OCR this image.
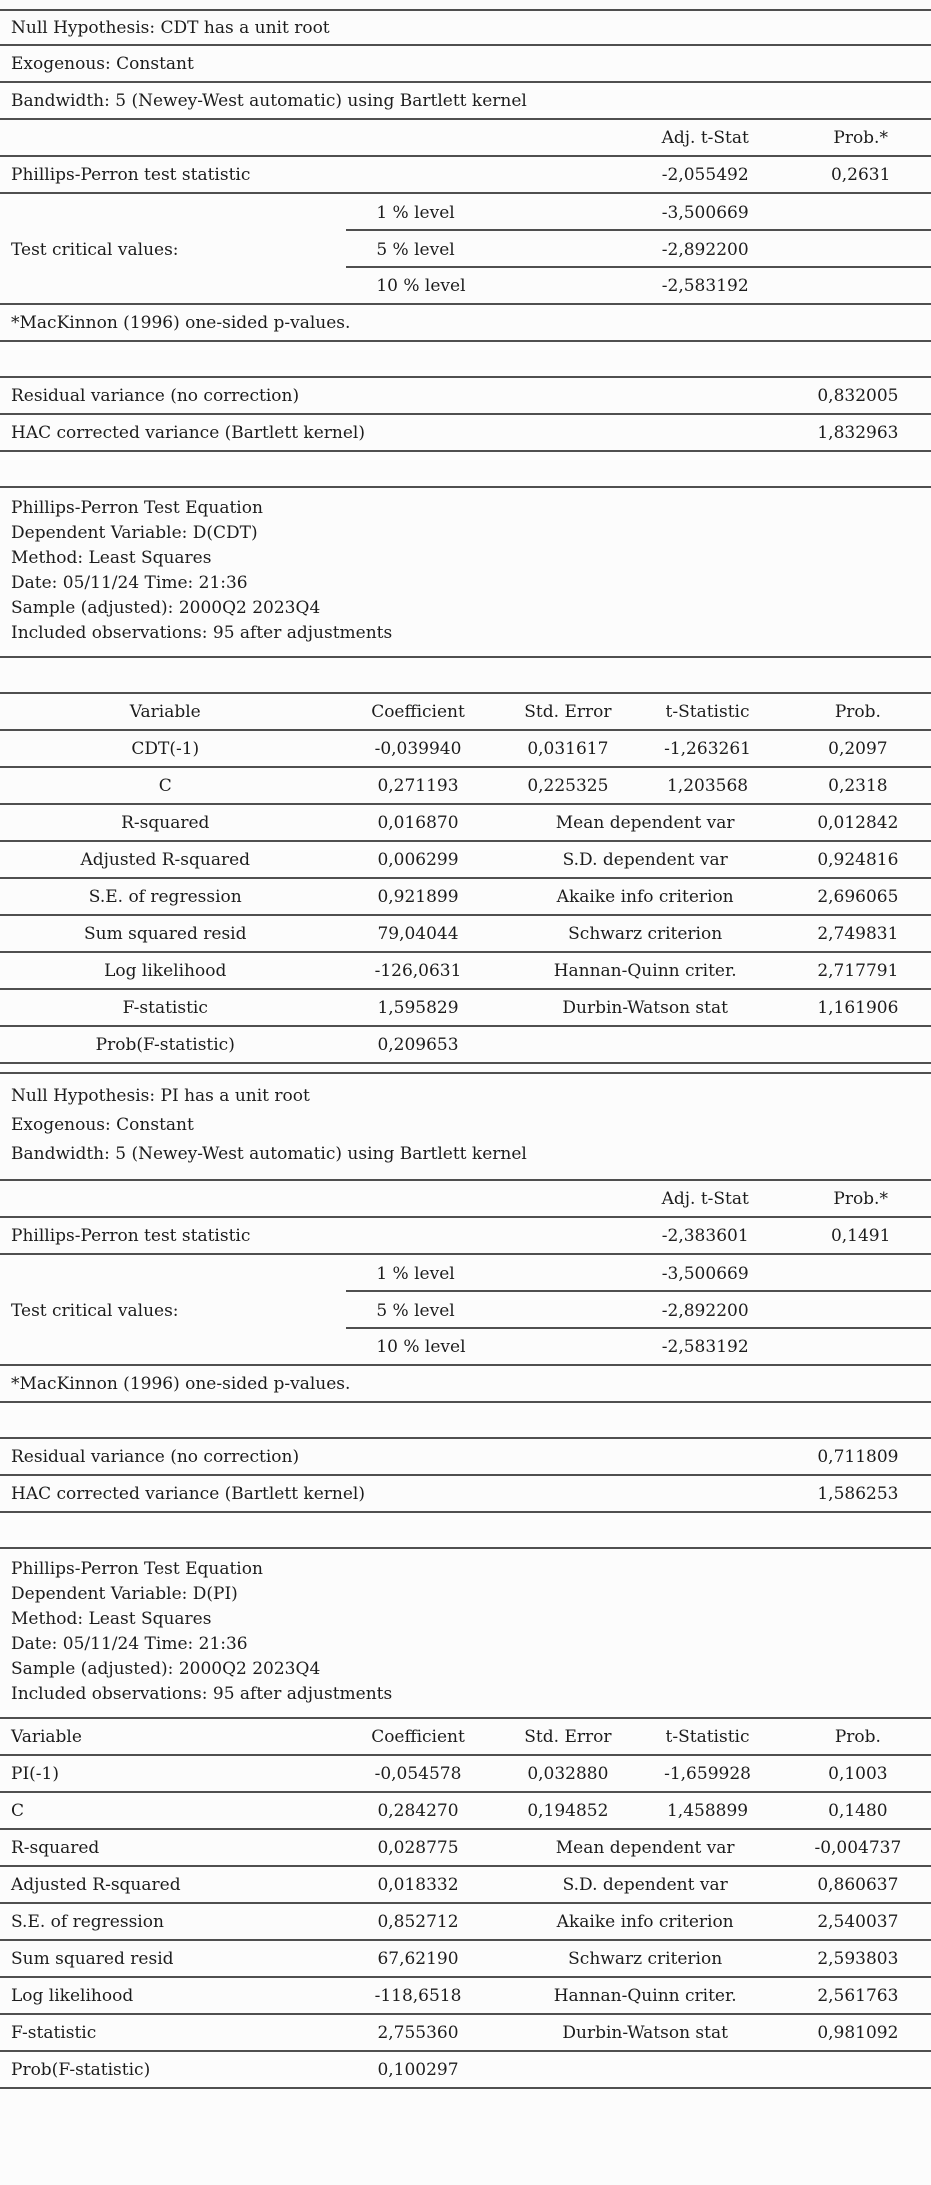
Null Hypothesis: CDT has a unit root
Exogenous: Constant
Bandwidth: 5 (Newey-West automatic) using Bartlett kernel
Adj. t-Stat	Prob.*
Phillips-Perron test statistic	-2,055492	0,2631
1 % level	-3,500669
Test critical values:	5 % level	-2,892200
10 % level	-2,583192
*MacKinnon (1996) one-sided p-values.
Residual variance (no correction)	0,832005
HAC corrected variance (Bartlett kernel)	1,832963
Phillips-Perron Test Equation
Dependent Variable: D(CDT)
Method: Least Squares
Date: 05/11/24 Time: 21:36
Sample (adjusted): 2000Q2 2023Q4
Included observations: 95 after adjustments
Variable	Coefficient	Std. Error	t-Statistic	Prob.
CDT(-1)	-0,039940	0,031617	-1,263261	0,2097
C	0,271193	0,225325	1,203568	0,2318
R-squared	0,016870	Mean dependent var	0,012842
Adjusted R-squared	0,006299	S.D. dependent var	0,924816
S.E. of regression	0,921899	Akaike info criterion	2,696065
Sum squared resid	79,04044	Schwarz criterion	2,749831
Log likelihood	-126,0631	Hannan-Quinn criter.	2,717791
F-statistic	1,595829	Durbin-Watson stat	1,161906
Prob(F-statistic)	0,209653
Null Hypothesis: PI has a unit root
Exogenous: Constant
Bandwidth: 5 (Newey-West automatic) using Bartlett kernel
Adj. t-Stat	Prob.*
Phillips-Perron test statistic	-2,383601	0,1491
1 % level	-3,500669
Test critical values:	5 % level	-2,892200
10 % level	-2,583192
*MacKinnon (1996) one-sided p-values.
Residual variance (no correction)	0,711809
HAC corrected variance (Bartlett kernel)	1,586253
Phillips-Perron Test Equation
Dependent Variable: D(PI)
Method: Least Squares
Date: 05/11/24 Time: 21:36
Sample (adjusted): 2000Q2 2023Q4
Included observations: 95 after adjustments
Variable	Coefficient	Std. Error	t-Statistic	Prob.
PI(-1)	-0,054578	0,032880	-1,659928	0,1003
C	0,284270	0,194852	1,458899	0,1480
R-squared	0,028775	Mean dependent var	-0,004737
Adjusted R-squared	0,018332	S.D. dependent var	0,860637
S.E. of regression	0,852712	Akaike info criterion	2,540037
Sum squared resid	67,62190	Schwarz criterion	2,593803
Log likelihood	-118,6518	Hannan-Quinn criter.	2,561763
F-statistic	2,755360	Durbin-Watson stat	0,981092
Prob(F-statistic)	0,100297
